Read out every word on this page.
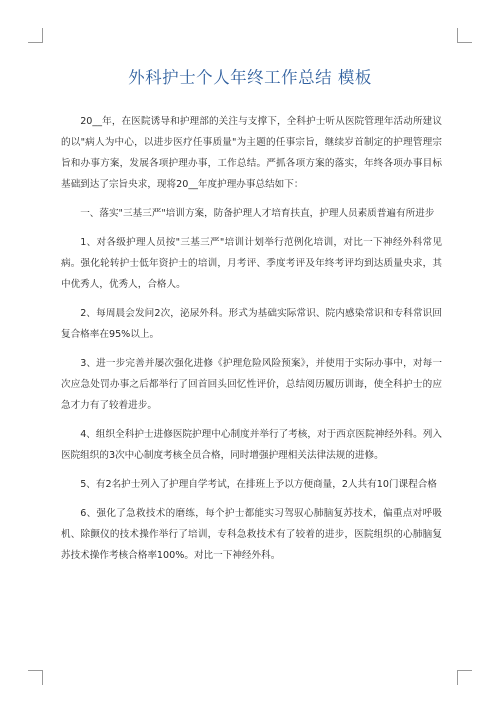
外科护士个人年终工作总结 模板

20__年，在医院诱导和护理部的关注与支撑下，全科护士听从医院管理年活动所建议的以"病人为中心，以进步医疗任事质量"为主题的任事宗旨，继续岁首制定的护理管理宗旨和办事方案，发展各项护理办事，工作总结。严抓各项方案的落实，年终各项办事目标基础到达了宗旨央求，现将20__年度护理办事总结如下：

一、落实"三基三严"培训方案，防备护理人才培育扶直，护理人员素质普遍有所进步

1、对各级护理人员按"三基三严"培训计划举行范例化培训，对比一下神经外科常见病。强化轮转护士低年资护士的培训，月考评、季度考评及年终考评均到达质量央求，其中优秀人，优秀人，合格人。

2、每周晨会发问2次，泌尿外科。形式为基础实际常识、院内感染常识和专科常识回复合格率在95%以上。

3、进一步完善并屡次强化进修《护理危险风险预案》，并使用于实际办事中，对每一次应急处罚办事之后都举行了回首回头回忆性评价，总结阅历履历训诲，使全科护士的应急才力有了较着进步。

4、组织全科护士进修医院护理中心制度并举行了考核，对于西京医院神经外科。列入医院组织的3次中心制度考核全员合格，同时增强护理相关法律法规的进修。

5、有2名护士列入了护理自学考试，在排班上予以方便商量，2人共有10门课程合格

6、强化了急救技术的磨练，每个护士都能实习驾驭心肺脑复苏技术，偏重点对呼吸机、除颤仪的技术操作举行了培训，专科急救技术有了较着的进步，医院组织的心肺脑复苏技术操作考核合格率100%。对比一下神经外科。
